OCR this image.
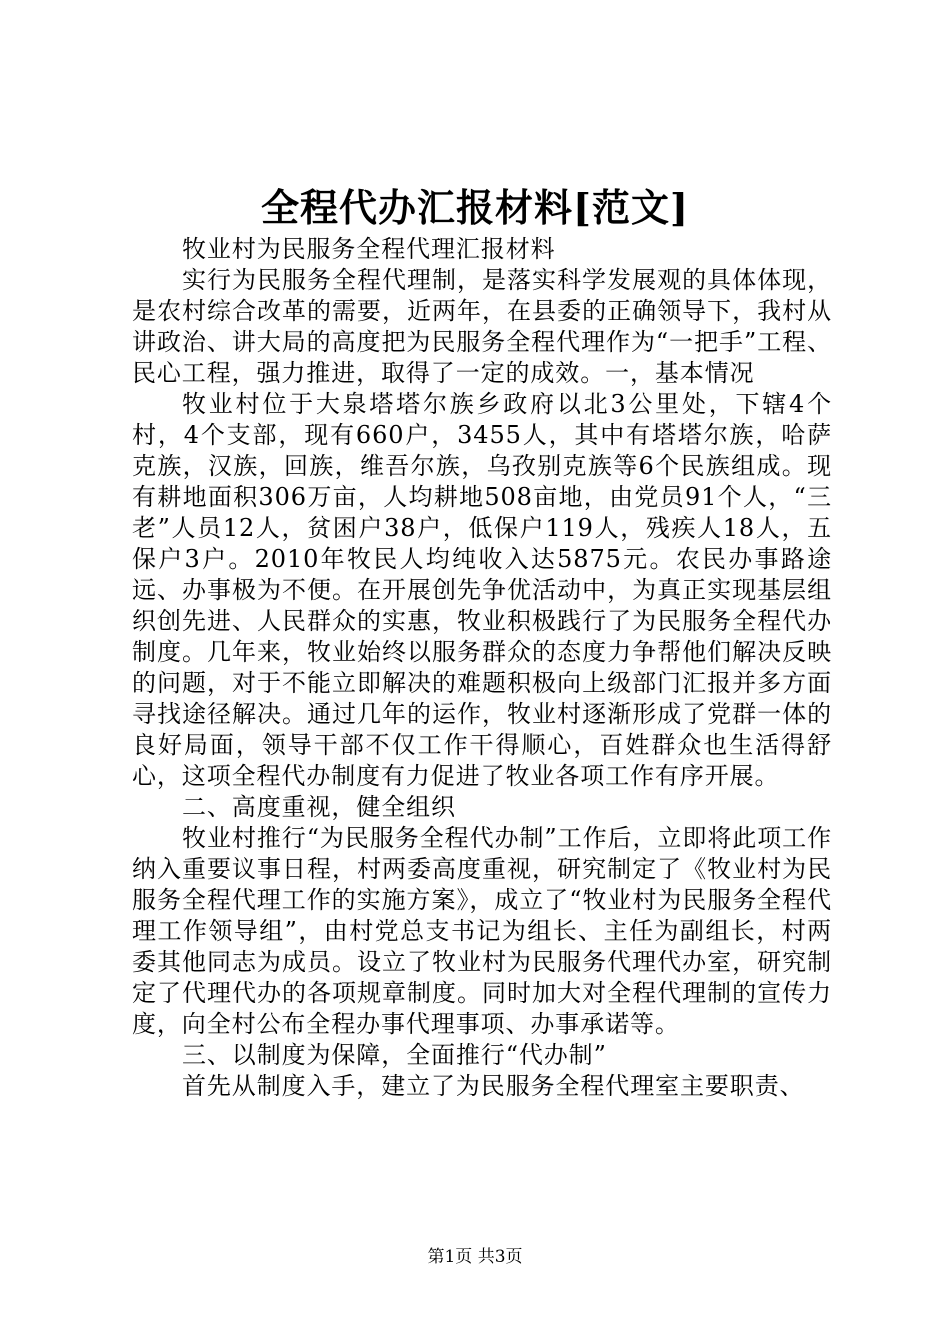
全程代办汇报材料[范文]

牧业村为民服务全程代理汇报材料

实行为民服务全程代理制，是落实科学发展观的具体体现，是农村综合改革的需要，近两年，在县委的正确领导下，我村从讲政治、讲大局的高度把为民服务全程代理作为“一把手”工程、民心工程，强力推进，取得了一定的成效。一，基本情况

牧业村位于大泉塔塔尔族乡政府以北3公里处，下辖4个村，4个支部，现有660户，3455人，其中有塔塔尔族，哈萨克族，汉族，回族，维吾尔族，乌孜别克族等6个民族组成。现有耕地面积306万亩，人均耕地508亩地，由党员91个人，“三老”人员12人，贫困户38户，低保户119人，残疾人18人，五保户3户。2010年牧民人均纯收入达5875元。农民办事路途远、办事极为不便。在开展创先争优活动中，为真正实现基层组织创先进、人民群众的实惠，牧业积极践行了为民服务全程代办制度。几年来，牧业始终以服务群众的态度力争帮他们解决反映的问题，对于不能立即解决的难题积极向上级部门汇报并多方面寻找途径解决。通过几年的运作，牧业村逐渐形成了党群一体的良好局面，领导干部不仅工作干得顺心，百姓群众也生活得舒心，这项全程代办制度有力促进了牧业各项工作有序开展。

二、高度重视，健全组织

牧业村推行“为民服务全程代办制”工作后，立即将此项工作纳入重要议事日程，村两委高度重视，研究制定了《牧业村为民服务全程代理工作的实施方案》，成立了“牧业村为民服务全程代理工作领导组”，由村党总支书记为组长、主任为副组长，村两委其他同志为成员。设立了牧业村为民服务代理代办室，研究制定了代理代办的各项规章制度。同时加大对全程代理制的宣传力度，向全村公布全程办事代理事项、办事承诺等。

三、以制度为保障，全面推行“代办制”

首先从制度入手，建立了为民服务全程代理室主要职责、

第1页 共3页
